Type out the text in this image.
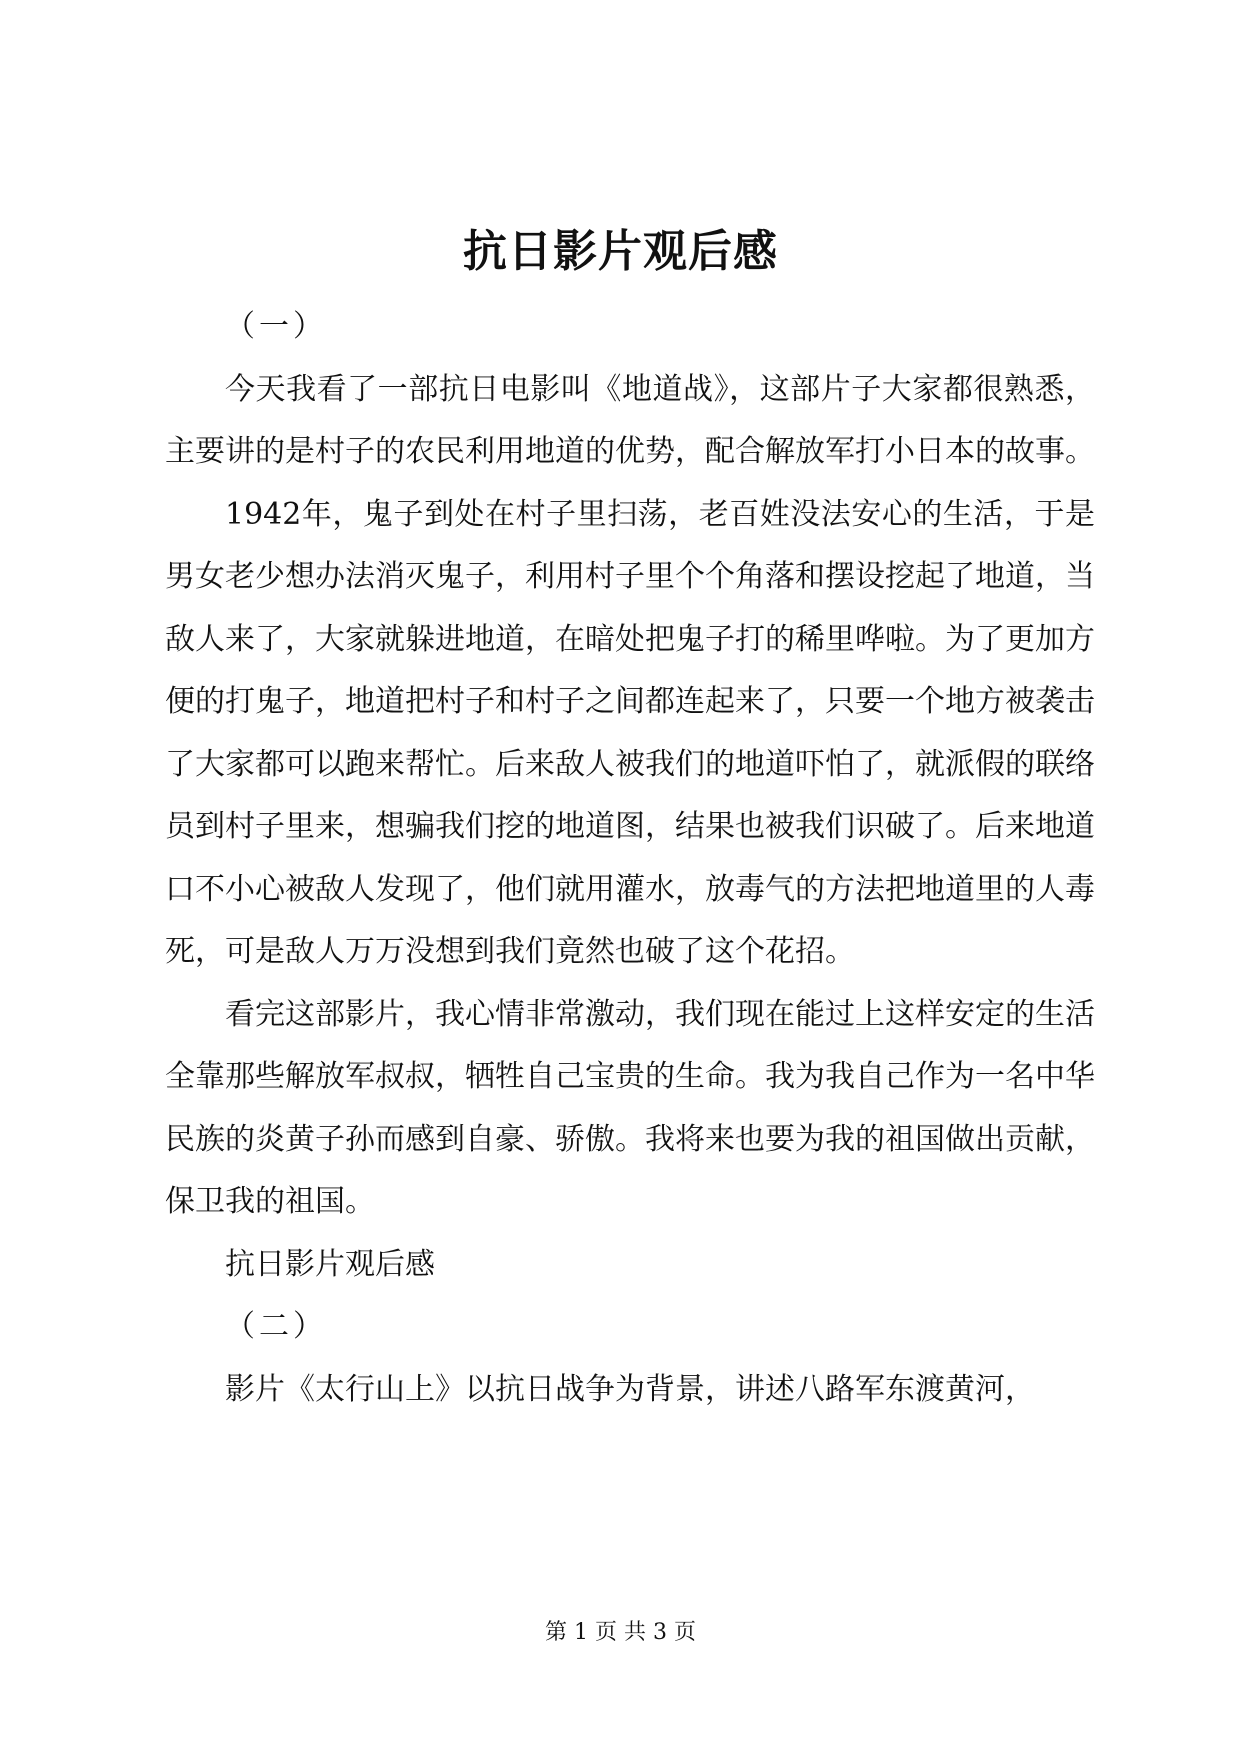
抗日影片观后感

（一）

今天我看了一部抗日电影叫《地道战》，这部片子大家都很熟悉，主要讲的是村子的农民利用地道的优势，配合解放军打小日本的故事。

1942年，鬼子到处在村子里扫荡，老百姓没法安心的生活，于是男女老少想办法消灭鬼子，利用村子里个个角落和摆设挖起了地道，当敌人来了，大家就躲进地道，在暗处把鬼子打的稀里哗啦。为了更加方便的打鬼子，地道把村子和村子之间都连起来了，只要一个地方被袭击了大家都可以跑来帮忙。后来敌人被我们的地道吓怕了，就派假的联络员到村子里来，想骗我们挖的地道图，结果也被我们识破了。后来地道口不小心被敌人发现了，他们就用灌水，放毒气的方法把地道里的人毒死，可是敌人万万没想到我们竟然也破了这个花招。

看完这部影片，我心情非常激动，我们现在能过上这样安定的生活全靠那些解放军叔叔，牺牲自己宝贵的生命。我为我自己作为一名中华民族的炎黄子孙而感到自豪、骄傲。我将来也要为我的祖国做出贡献，保卫我的祖国。

抗日影片观后感

（二）

影片《太行山上》以抗日战争为背景，讲述八路军东渡黄河，

第 1 页 共 3 页
